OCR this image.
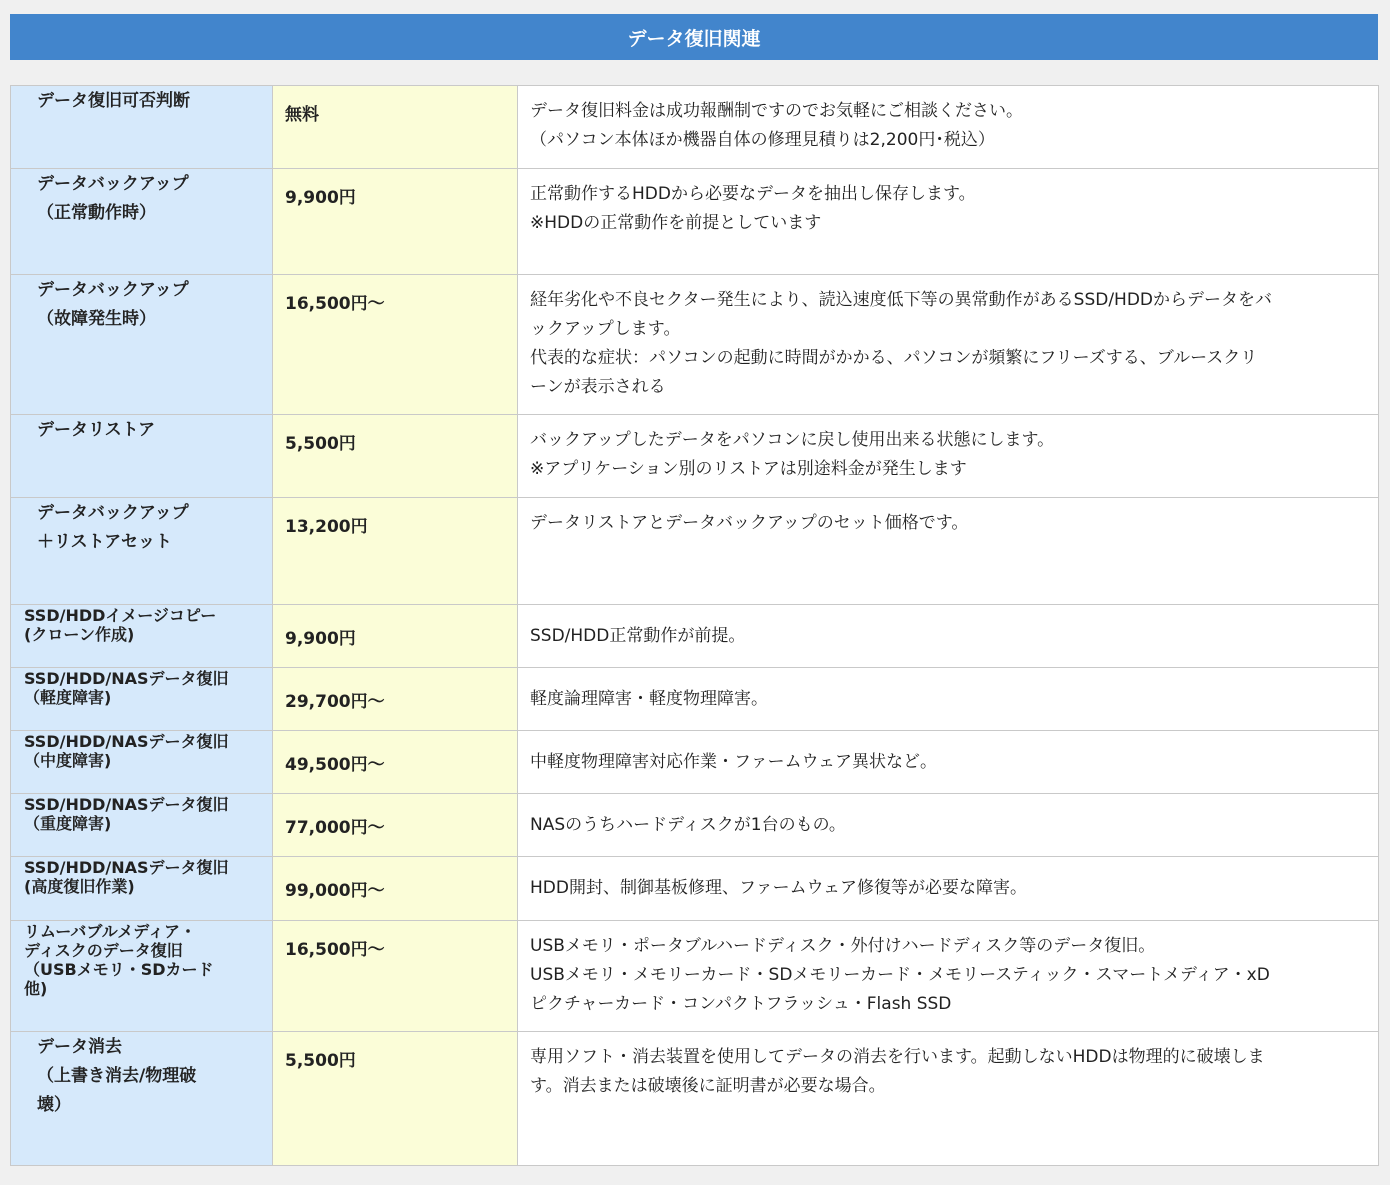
データ復旧関連
データ復旧可否判断	無料	データ復旧料金は成功報酬制ですのでお気軽にご相談ください。
（パソコン本体ほか機器自体の修理見積りは2,200円･税込）

データバックアップ
（正常動作時）	9,900円	正常動作するHDDから必要なデータを抽出し保存します。
※HDDの正常動作を前提としています

データバックアップ
（故障発生時）	16,500円〜	経年劣化や不良セクター発生により、読込速度低下等の異常動作があるSSD/HDDからデータをバ
ックアップします。
代表的な症状：パソコンの起動に時間がかかる、パソコンが頻繁にフリーズする、ブルースクリ
ーンが表示される

データリストア	5,500円	バックアップしたデータをパソコンに戻し使用出来る状態にします。
※アプリケーション別のリストアは別途料金が発生します

データバックアップ
＋リストアセット	13,200円	データリストアとデータバックアップのセット価格です。

SSD/HDDイメージコピー
(クローン作成)	9,900円	SSD/HDD正常動作が前提。

SSD/HDD/NASデータ復旧
（軽度障害)	29,700円〜	軽度論理障害・軽度物理障害。

SSD/HDD/NASデータ復旧
（中度障害)	49,500円〜	中軽度物理障害対応作業・ファームウェア異状など。

SSD/HDD/NASデータ復旧
（重度障害)	77,000円〜	NASのうちハードディスクが1台のもの。

SSD/HDD/NASデータ復旧
(高度復旧作業)	99,000円〜	HDD開封、制御基板修理、ファームウェア修復等が必要な障害。

リムーバブルメディア・
ディスクのデータ復旧
（USBメモリ・SDカード
他)	16,500円〜	USBメモリ・ポータブルハードディスク・外付けハードディスク等のデータ復旧。
USBメモリ・メモリーカード・SDメモリーカード・メモリースティック・スマートメディア・xD
ピクチャーカード・コンパクトフラッシュ・Flash SSD

データ消去
（上書き消去/物理破
壊）	5,500円	専用ソフト・消去装置を使用してデータの消去を行います。起動しないHDDは物理的に破壊しま
す。消去または破壊後に証明書が必要な場合。
